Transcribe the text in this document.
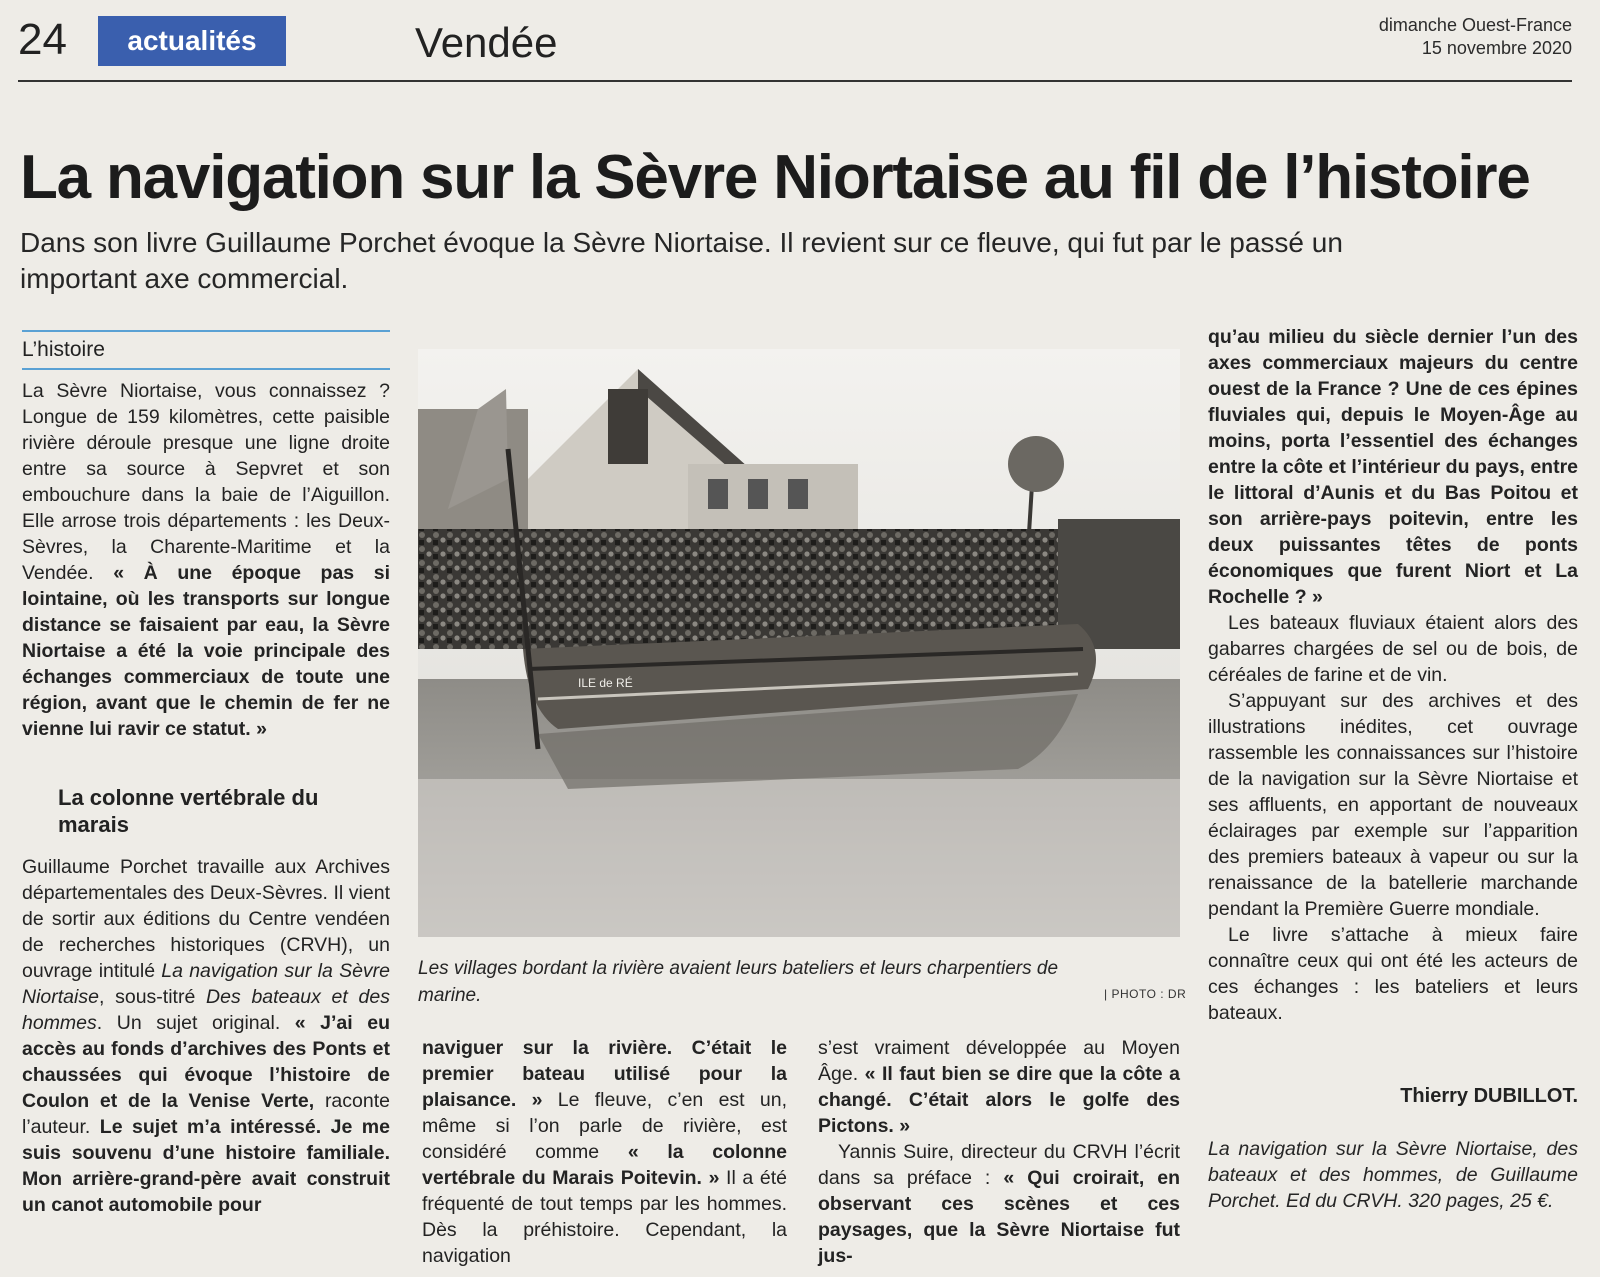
24	actualités	Vendée	dimanche Ouest-France
15 novembre 2020
La navigation sur la Sèvre Niortaise au fil de l’histoire
Dans son livre Guillaume Porchet évoque la Sèvre Niortaise. Il revient sur ce fleuve, qui fut par le passé un important axe commercial.
L’histoire

La Sèvre Niortaise, vous connaissez ? Longue de 159 kilomètres, cette paisible rivière déroule presque une ligne droite entre sa source à Sepvret et son embouchure dans la baie de l’Aiguillon. Elle arrose trois départements : les Deux-Sèvres, la Charente-Maritime et la Vendée. « À une époque pas si lointaine, où les transports sur longue distance se faisaient par eau, la Sèvre Niortaise a été la voie principale des échanges commerciaux de toute une région, avant que le chemin de fer ne vienne lui ravir ce statut. »

La colonne vertébrale du marais

Guillaume Porchet travaille aux Archives départementales des Deux-Sèvres. Il vient de sortir aux éditions du Centre vendéen de recherches historiques (CRVH), un ouvrage intitulé La navigation sur la Sèvre Niortaise, sous-titré Des bateaux et des hommes. Un sujet original. « J’ai eu accès au fonds d’archives des Ponts et chaussées qui évoque l’histoire de Coulon et de la Venise Verte, raconte l’auteur. Le sujet m’a intéressé. Je me suis souvenu d’une histoire familiale. Mon arrière-grand-père avait construit un canot automobile pour

ILE de RÉ
Les villages bordant la rivière avaient leurs bateliers et leurs charpentiers de marine.	| PHOTO : DR

naviguer sur la rivière. C’était le premier bateau utilisé pour la plaisance. » Le fleuve, c’en est un, même si l’on parle de rivière, est considéré comme « la colonne vertébrale du Marais Poitevin. » Il a été fréquenté de tout temps par les hommes. Dès la préhistoire. Cependant, la navigation

s’est vraiment développée au Moyen Âge. « Il faut bien se dire que la côte a changé. C’était alors le golfe des Pictons. »

Yannis Suire, directeur du CRVH l’écrit dans sa préface : « Qui croirait, en observant ces scènes et ces paysages, que la Sèvre Niortaise fut jus-

qu’au milieu du siècle dernier l’un des axes commerciaux majeurs du centre ouest de la France ? Une de ces épines fluviales qui, depuis le Moyen-Âge au moins, porta l’essentiel des échanges entre la côte et l’intérieur du pays, entre le littoral d’Aunis et du Bas Poitou et son arrière-pays poitevin, entre les deux puissantes têtes de ponts économiques que furent Niort et La Rochelle ? »

Les bateaux fluviaux étaient alors des gabarres chargées de sel ou de bois, de céréales de farine et de vin.

S’appuyant sur des archives et des illustrations inédites, cet ouvrage rassemble les connaissances sur l’histoire de la navigation sur la Sèvre Niortaise et ses affluents, en apportant de nouveaux éclairages par exemple sur l’apparition des premiers bateaux à vapeur ou sur la renaissance de la batellerie marchande pendant la Première Guerre mondiale.

Le livre s’attache à mieux faire connaître ceux qui ont été les acteurs de ces échanges : les bateliers et leurs bateaux.

Thierry DUBILLOT.
La navigation sur la Sèvre Niortaise, des bateaux et des hommes, de Guillaume Porchet. Ed du CRVH. 320 pages, 25 €.
